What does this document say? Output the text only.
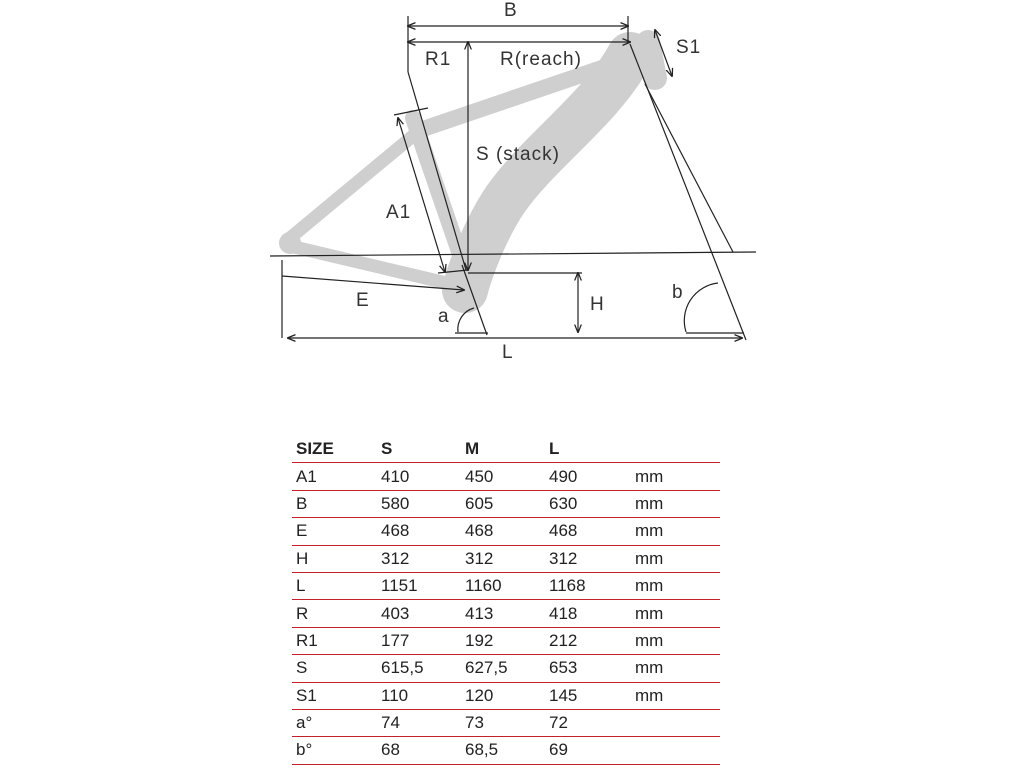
B
R1	R(reach)
S1
S (stack)
A1
E	H
a
b
L
SIZE	S	M	L	
A1	410	450	490	mm
B	580	605	630	mm
E	468	468	468	mm
H	312	312	312	mm
L	1151	1160	1168	mm
R	403	413	418	mm
R1	177	192	212	mm
S	615,5	627,5	653	mm
S1	110	120	145	mm
a°	74	73	72	
b°	68	68,5	69	
